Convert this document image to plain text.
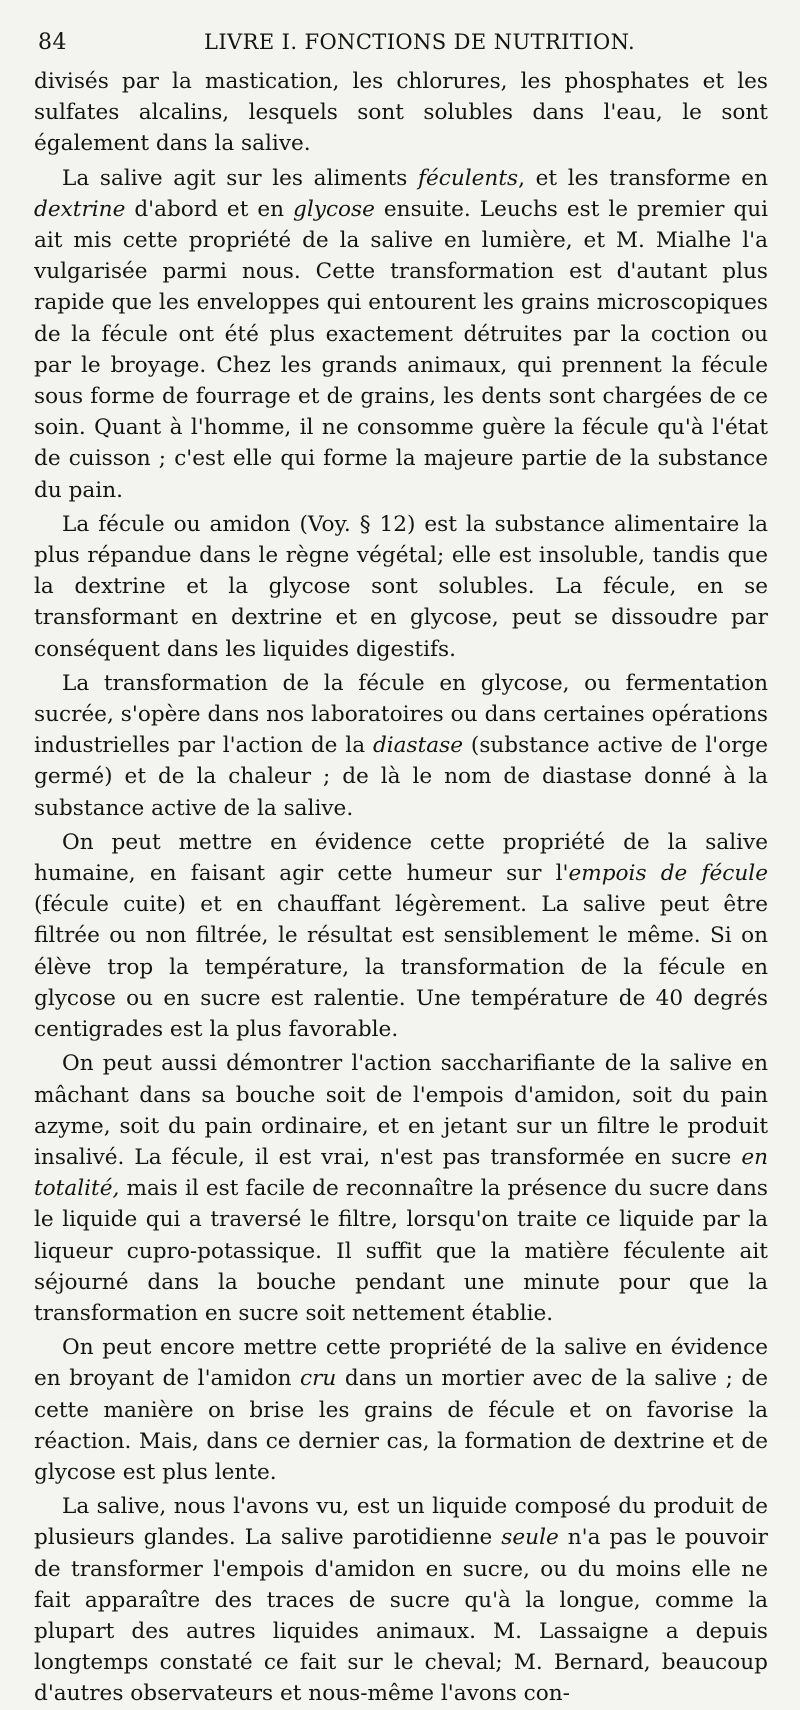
84	LIVRE I. FONCTIONS DE NUTRITION.

divisés par la mastication, les chlorures, les phosphates et les sulfates alcalins, lesquels sont solubles dans l'eau, le sont également dans la salive.

La salive agit sur les aliments féculents, et les transforme en dextrine d'abord et en glycose ensuite. Leuchs est le premier qui ait mis cette propriété de la salive en lumière, et M. Mialhe l'a vulgarisée parmi nous. Cette transformation est d'autant plus rapide que les enveloppes qui entourent les grains microscopiques de la fécule ont été plus exactement détruites par la coction ou par le broyage. Chez les grands animaux, qui prennent la fécule sous forme de fourrage et de grains, les dents sont chargées de ce soin. Quant à l'homme, il ne consomme guère la fécule qu'à l'état de cuisson ; c'est elle qui forme la majeure partie de la substance du pain.

La fécule ou amidon (Voy. § 12) est la substance alimentaire la plus répandue dans le règne végétal; elle est insoluble, tandis que la dextrine et la glycose sont solubles. La fécule, en se transformant en dextrine et en glycose, peut se dissoudre par conséquent dans les liquides digestifs.

La transformation de la fécule en glycose, ou fermentation sucrée, s'opère dans nos laboratoires ou dans certaines opérations industrielles par l'action de la diastase (substance active de l'orge germé) et de la chaleur ; de là le nom de diastase donné à la substance active de la salive.

On peut mettre en évidence cette propriété de la salive humaine, en faisant agir cette humeur sur l'empois de fécule (fécule cuite) et en chauffant légèrement. La salive peut être filtrée ou non filtrée, le résultat est sensiblement le même. Si on élève trop la température, la transformation de la fécule en glycose ou en sucre est ralentie. Une température de 40 degrés centigrades est la plus favorable.

On peut aussi démontrer l'action saccharifiante de la salive en mâchant dans sa bouche soit de l'empois d'amidon, soit du pain azyme, soit du pain ordinaire, et en jetant sur un filtre le produit insalivé. La fécule, il est vrai, n'est pas transformée en sucre en totalité, mais il est facile de reconnaître la présence du sucre dans le liquide qui a traversé le filtre, lorsqu'on traite ce liquide par la liqueur cupro-potassique. Il suffit que la matière féculente ait séjourné dans la bouche pendant une minute pour que la transformation en sucre soit nettement établie.

On peut encore mettre cette propriété de la salive en évidence en broyant de l'amidon cru dans un mortier avec de la salive ; de cette manière on brise les grains de fécule et on favorise la réaction. Mais, dans ce dernier cas, la formation de dextrine et de glycose est plus lente.

La salive, nous l'avons vu, est un liquide composé du produit de plusieurs glandes. La salive parotidienne seule n'a pas le pouvoir de transformer l'empois d'amidon en sucre, ou du moins elle ne fait apparaître des traces de sucre qu'à la longue, comme la plupart des autres liquides animaux. M. Lassaigne a depuis longtemps constaté ce fait sur le cheval; M. Bernard, beaucoup d'autres observateurs et nous-même l'avons con-
